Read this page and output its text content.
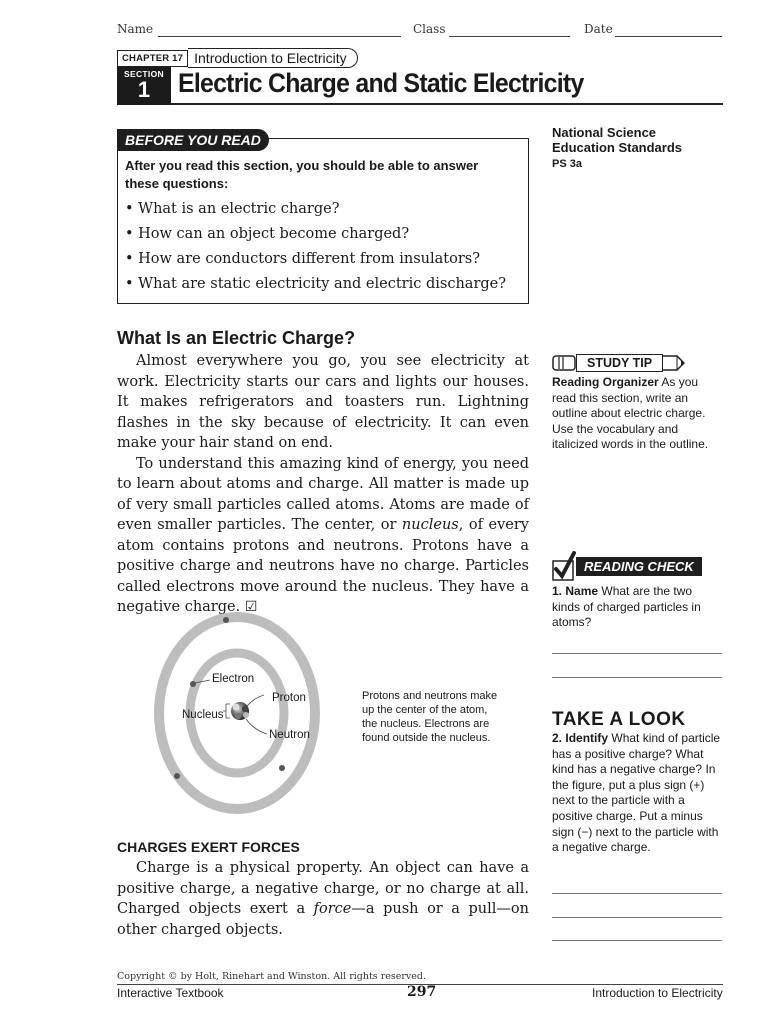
Name	Class	Date
CHAPTER 17 Introduction to Electricity
SECTION
1	Electric Charge and Static Electricity
BEFORE YOU READ
After you read this section, you should be able to answer these questions:
• What is an electric charge?
• How can an object become charged?
• How are conductors different from insulators?
• What are static electricity and electric discharge?
National Science
Education Standards
PS 3a
What Is an Electric Charge?

Almost everywhere you go, you see electricity at work. Electricity starts our cars and lights our houses. It makes refrigerators and toasters run. Lightning flashes in the sky because of electricity. It can even make your hair stand on end.

To understand this amazing kind of energy, you need to learn about atoms and charge. All matter is made up of very small particles called atoms. Atoms are made of even smaller particles. The center, or nucleus, of every atom contains protons and neutrons. Protons have a positive charge and neutrons have no charge. Particles called electrons move around the nucleus. They have a negative charge. ☑

Electron
Proton
Nucleus
Neutron
Protons and neutrons make up the center of the atom, the nucleus. Electrons are found outside the nucleus.
CHARGES EXERT FORCES

Charge is a physical property. An object can have a positive charge, a negative charge, or no charge at all. Charged objects exert a force—a push or a pull—on other charged objects.

STUDY TIP
Reading Organizer As you read this section, write an outline about electric charge. Use the vocabulary and italicized words in the outline.
READING CHECK
1. Name What are the two kinds of charged particles in atoms?
TAKE A LOOK
2. Identify What kind of particle has a positive charge? What kind has a negative charge? In the figure, put a plus sign (+) next to the particle with a positive charge. Put a minus sign (−) next to the particle with a negative charge.
Copyright © by Holt, Rinehart and Winston. All rights reserved.
Interactive Textbook	297	Introduction to Electricity
